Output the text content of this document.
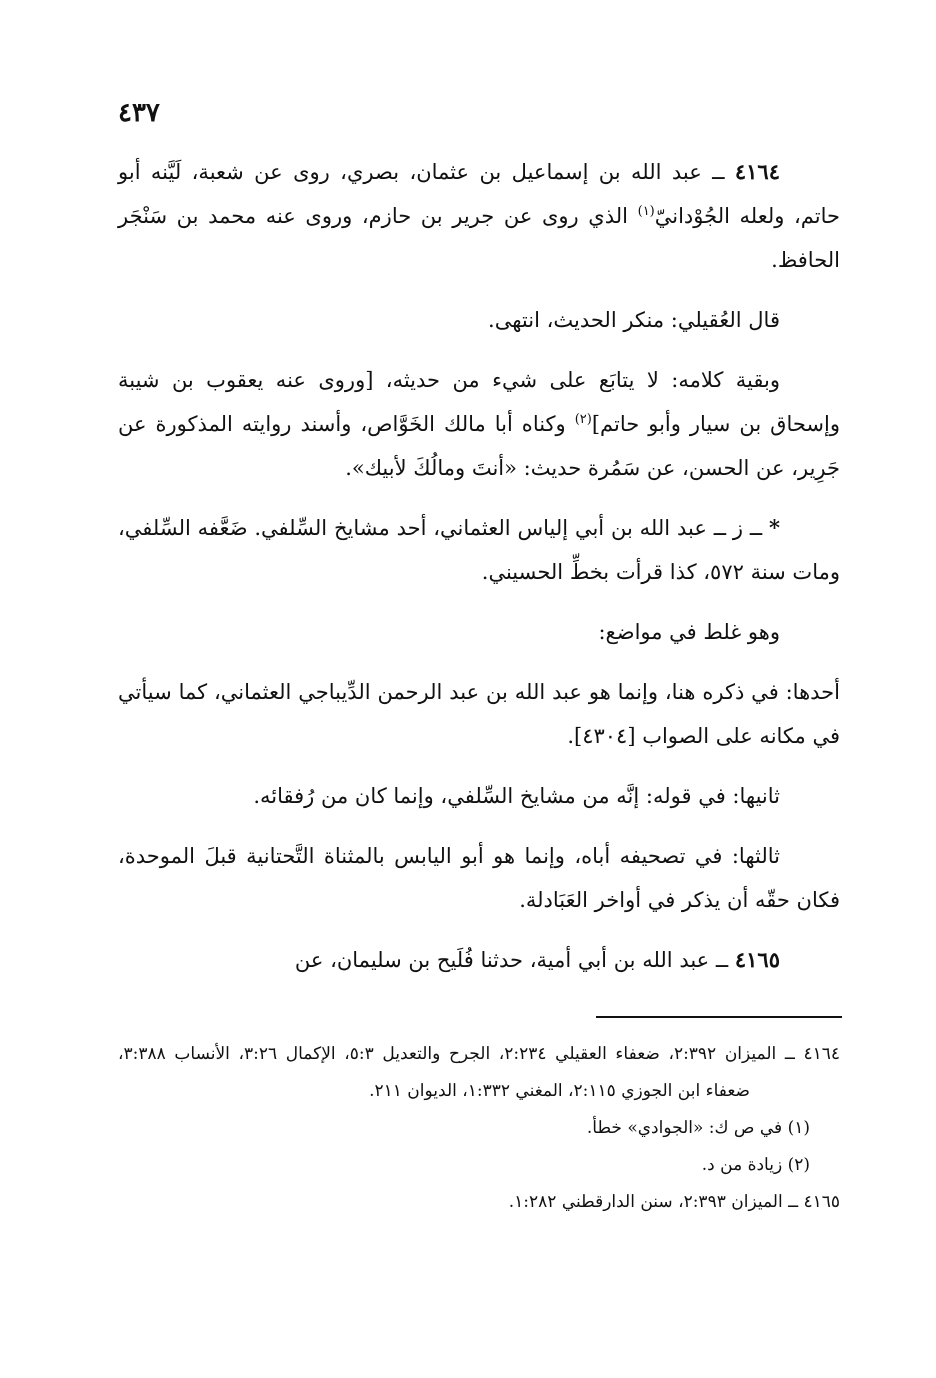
٤٣٧

٤١٦٤ ــ عبد الله بن إسماعيل بن عثمان، بصري، روى عن شعبة، لَيَّنه أبو حاتم، ولعله الجُوْدانيّ$^{(١)}$ الذي روى عن جرير بن حازم، وروى عنه محمد بن سَنْجَر الحافظ.

قال العُقيلي: منكر الحديث، انتهى.

وبقية كلامه: لا يتابَع على شيء من حديثه، [وروى عنه يعقوب بن شيبة وإسحاق بن سيار وأبو حاتم]$^{(٢)}$ وكناه أبا مالك الخَوَّاص، وأسند روايته المذكورة عن جَرِير، عن الحسن، عن سَمُرة حديث: «أنتَ ومالُكَ لأبيك».

* ــ ز ــ عبد الله بن أبي إلياس العثماني، أحد مشايخ السِّلفي. ضَعَّفه السِّلفي، ومات سنة ٥٧٢، كذا قرأت بخطِّ الحسيني.

وهو غلط في مواضع:

أحدها: في ذكره هنا، وإنما هو عبد الله بن عبد الرحمن الدِّيباجي العثماني، كما سيأتي في مكانه على الصواب [٤٣٠٤].

ثانيها: في قوله: إنَّه من مشايخ السِّلفي، وإنما كان من رُفقائه.

ثالثها: في تصحيفه أباه، وإنما هو أبو اليابس بالمثناة التَّحتانية قبلَ الموحدة، فكان حقّه أن يذكر في أواخر العَبَادلة.

٤١٦٥ ــ عبد الله بن أبي أمية، حدثنا فُلَيح بن سليمان، عن

٤١٦٤ ــ الميزان ٢:٣٩٢، ضعفاء العقيلي ٢:٢٣٤، الجرح والتعديل ٥:٣، الإكمال ٣:٢٦، الأنساب ٣:٣٨٨، ضعفاء ابن الجوزي ٢:١١٥، المغني ١:٣٣٢، الديوان ٢١١.

(١) في ص ك: «الجوادي» خطأ.

(٢) زيادة من د.

٤١٦٥ ــ الميزان ٢:٣٩٣، سنن الدارقطني ١:٢٨٢.
